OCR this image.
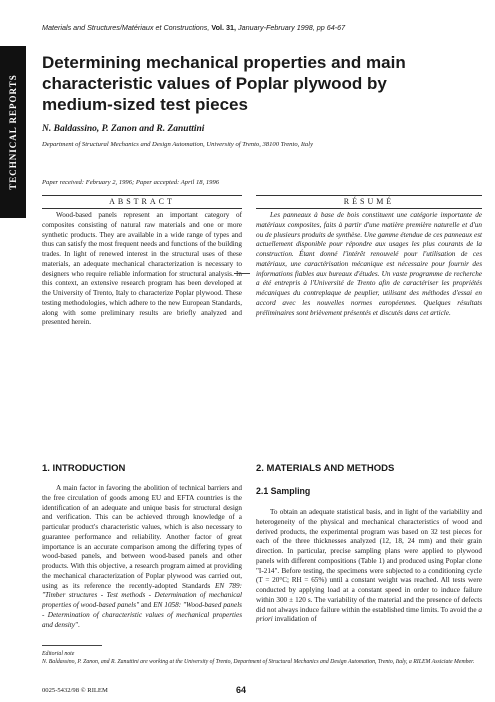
Materials and Structures/Matériaux et Constructions, Vol. 31, January-February 1998, pp 64-67
TECHNICAL REPORTS
Determining mechanical properties and main characteristic values of Poplar plywood by medium-sized test pieces
N. Baldassino, P. Zanon and R. Zanuttini
Department of Structural Mechanics and Design Automation, University of Trento, 38100 Trento, Italy
Paper received: February 2, 1996; Paper accepted: April 18, 1996
ABSTRACT	RÉSUMÉ
Wood-based panels represent an important category of composites consisting of natural raw materials and one or more synthetic products. They are available in a wide range of types and thus can satisfy the most frequent needs and functions of the building trades. In light of renewed interest in the structural uses of these materials, an adequate mechanical characterization is necessary to designers who require reliable information for structural analysis. In this context, an extensive research program has been developed at the University of Trento, Italy to characterize Poplar plywood. These testing methodologies, which adhere to the new European Standards, along with some preliminary results are briefly analyzed and presented herein.
Les panneaux à base de bois constituent une catégorie importante de matériaux composites, faits à partir d'une matière première naturelle et d'un ou de plusieurs produits de synthèse. Une gamme étendue de ces panneaux est actuellement disponible pour répondre aux usages les plus courants de la construction. Étant donné l'intérêt renouvelé pour l'utilisation de ces matériaux, une caractérisation mécanique est nécessaire pour fournir des informations fiables aux bureaux d'études. Un vaste programme de recherche a été entrepris à l'Université de Trento afin de caractériser les propriétés mécaniques du contreplaque de peuplier, utilisant des méthodes d'essai en accord avec les nouvelles normes européennes. Quelques résultats préliminaires sont brièvement présentés et discutés dans cet article.
1. INTRODUCTION
A main factor in favoring the abolition of technical barriers and the free circulation of goods among EU and EFTA countries is the identification of an adequate and unique basis for structural design and verification. This can be achieved through knowledge of a particular product's characteristic values, which is also necessary to guarantee performance and reliability. Another factor of great importance is an accurate comparison among the differing types of wood-based panels, and between wood-based panels and other products. With this objective, a research program aimed at providing the mechanical characterization of Poplar plywood was carried out, using as its reference the recently-adopted Standards EN 789: "Timber structures - Test methods - Determination of mechanical properties of wood-based panels" and EN 1058: "Wood-based panels - Determination of characteristic values of mechanical properties and density".
2. MATERIALS AND METHODS
2.1 Sampling
To obtain an adequate statistical basis, and in light of the variability and heterogeneity of the physical and mechanical characteristics of wood and derived products, the experimental program was based on 32 test pieces for each of the three thicknesses analyzed (12, 18, 24 mm) and their grain direction. In particular, precise sampling plans were applied to plywood panels with different compositions (Table 1) and produced using Poplar clone "I-214". Before testing, the specimens were subjected to a conditioning cycle (T = 20°C; RH = 65%) until a constant weight was reached. All tests were conducted by applying load at a constant speed in order to induce failure within 300 ± 120 s. The variability of the material and the presence of defects did not always induce failure within the established time limits. To avoid the a priori invalidation of
Editorial note
N. Baldassino, P. Zanon, and R. Zanuttini are working at the University of Trento, Department of Structural Mechanics and Design Automation, Trento, Italy, a RILEM Assiciate Member.
0025-5432/98 © RILEM	64
